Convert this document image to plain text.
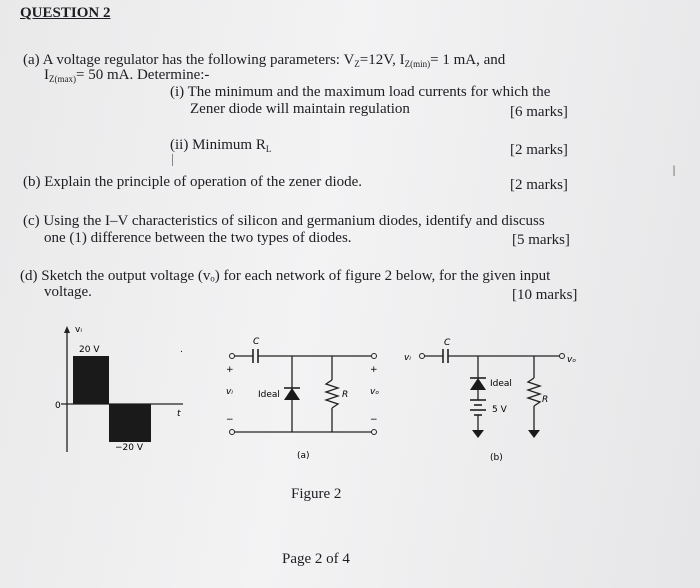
QUESTION 2
(a) A voltage regulator has the following parameters: $V_Z=12V$, $I_{Z(min)}= 1$ mA, and
$I_{Z(max)}= 50$ mA. Determine:-
(i) The minimum and the maximum load currents for which the
Zener diode will maintain regulation	[6 marks]
(ii) Minimum $R_L$	[2 marks]
(b) Explain the principle of operation of the zener diode.	[2 marks]
(c) Using the I–V characteristics of silicon and germanium diodes, identify and discuss
one (1) difference between the two types of diodes.	[5 marks]
(d) Sketch the output voltage (vₒ) for each network of figure 2 below, for the given input
voltage.	[10 marks]
vᵢ
20 V
−20 V
0
t
.
C
Ideal	R
+
vᵢ
−
+
vₒ
−
(a)
vᵢ	vₒ
C
Ideal
5 V
R
(b)
Figure 2
Page 2 of 4
I
